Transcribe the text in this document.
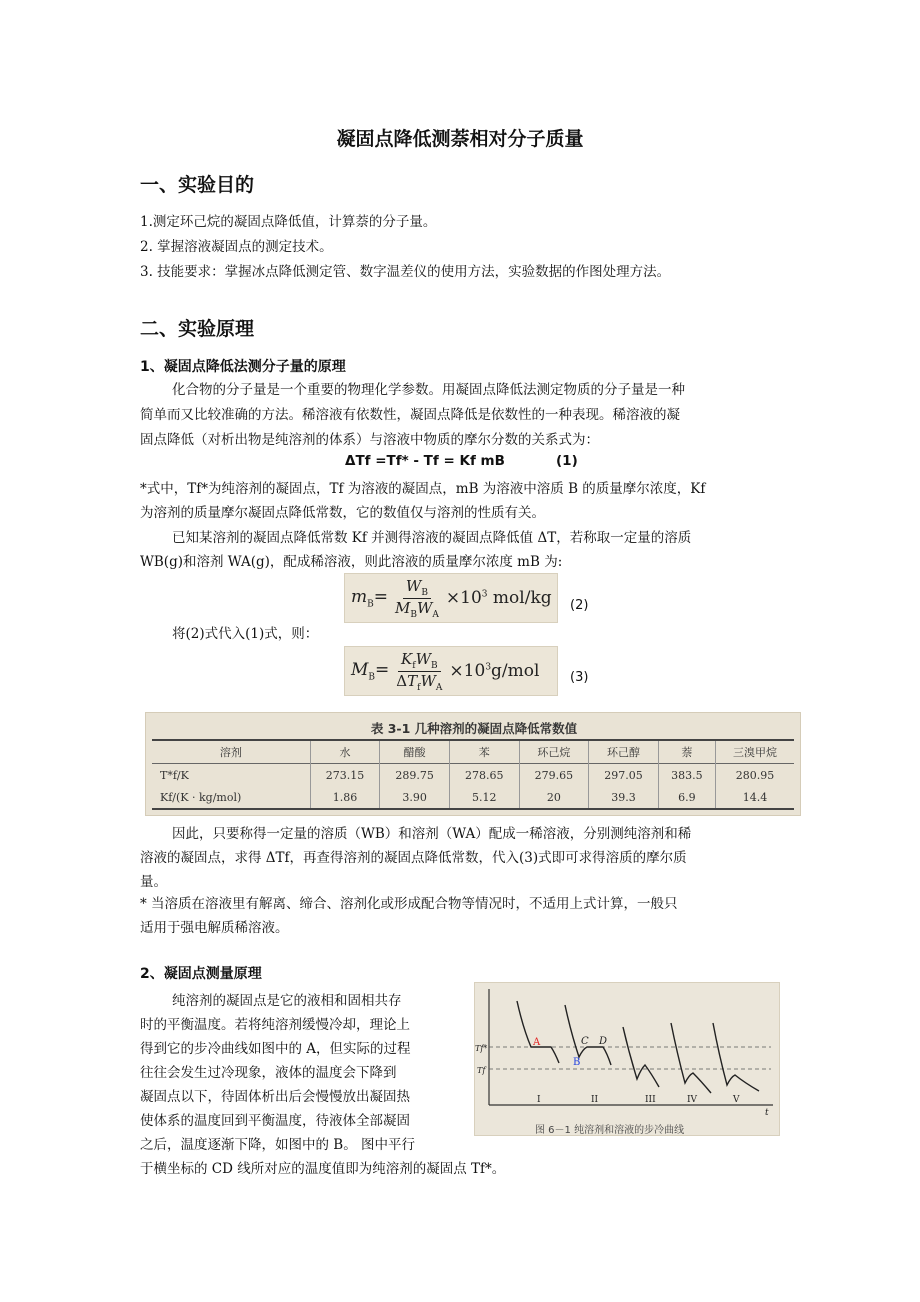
凝固点降低测萘相对分子质量
一、实验目的
1.测定环己烷的凝固点降低值，计算萘的分子量。
2. 掌握溶液凝固点的测定技术。
3. 技能要求：掌握冰点降低测定管、数字温差仪的使用方法，实验数据的作图处理方法。
二、实验原理
1、凝固点降低法测分子量的原理
化合物的分子量是一个重要的物理化学参数。用凝固点降低法测定物质的分子量是一种
简单而又比较准确的方法。稀溶液有依数性，凝固点降低是依数性的一种表现。稀溶液的凝
固点降低（对析出物是纯溶剂的体系）与溶液中物质的摩尔分数的关系式为：
ΔTf =Tf* - Tf = Kf mB	(1)
*式中，Tf*为纯溶剂的凝固点，Tf 为溶液的凝固点，mB 为溶液中溶质 B 的质量摩尔浓度，Kf
为溶剂的质量摩尔凝固点降低常数，它的数值仅与溶剂的性质有关。
已知某溶剂的凝固点降低常数 Kf 并测得溶液的凝固点降低值 ΔT，若称取一定量的溶质
WB(g)和溶剂 WA(g)，配成稀溶液，则此溶液的质量摩尔浓度 mB 为:
$m_B= \frac{W_B}{M_BW_A} \times 10^3$ mol/kg (2)
将(2)式代入(1)式，则：
$M_B= \frac{K_fW_B}{\Delta T_fW_A} \times 10^3g/mol$ (3)
表 3-1 几种溶剂的凝固点降低常数值
溶剂	水	醋酸	苯	环己烷	环己醇	萘	三溴甲烷
T*f/K	273.15	289.75	278.65	279.65	297.05	383.5	280.95
Kf/(K · kg/mol)	1.86	3.90	5.12	20	39.3	6.9	14.4
因此，只要称得一定量的溶质（WB）和溶剂（WA）配成一稀溶液，分别测纯溶剂和稀
溶液的凝固点，求得 ΔTf，再查得溶剂的凝固点降低常数，代入(3)式即可求得溶质的摩尔质
量。
* 当溶质在溶液里有解离、缔合、溶剂化或形成配合物等情况时，不适用上式计算，一般只
适用于强电解质稀溶液。
2、凝固点测量原理
纯溶剂的凝固点是它的液相和固相共存
时的平衡温度。若将纯溶剂缓慢冷却，理论上
得到它的步冷曲线如图中的 A，但实际的过程
往往会发生过冷现象，液体的温度会下降到
凝固点以下，待固体析出后会慢慢放出凝固热
使体系的温度回到平衡温度，待液体全部凝固
之后，温度逐渐下降，如图中的 B。 图中平行
于横坐标的 CD 线所对应的温度值即为纯溶剂的凝固点 Tf*。
A
B
C D
Tf*
Tf
I	II	III	IV	V
t
图 6－1 纯溶剂和溶液的步冷曲线
